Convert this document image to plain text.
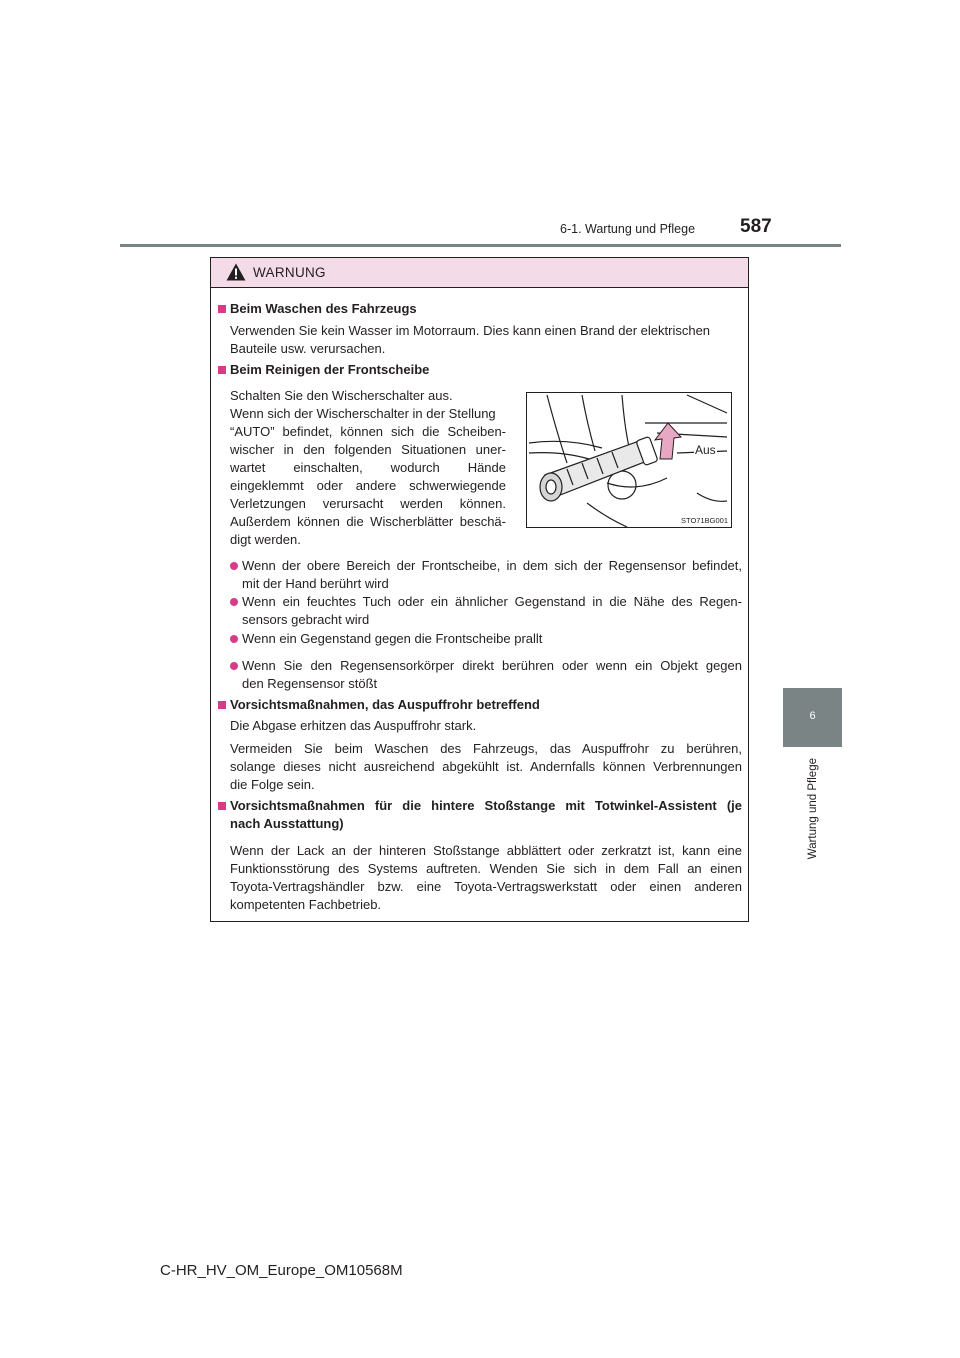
6-1. Wartung und Pflege 587
6
Wartung und Pflege
WARNUNG
Beim Waschen des Fahrzeugs
Verwenden Sie kein Wasser im Motorraum. Dies kann einen Brand der elektrischen
Bauteile usw. verursachen.
Beim Reinigen der Frontscheibe
Schalten Sie den Wischerschalter aus.
Wenn sich der Wischerschalter in der Stellung
“AUTO” befindet, können sich die Scheiben-
wischer in den folgenden Situationen uner-
wartet einschalten, wodurch Hände
eingeklemmt oder andere schwerwiegende
Verletzungen verursacht werden können.
Außerdem können die Wischerblätter beschä-
digt werden.
Aus
STO71BG001
Wenn der obere Bereich der Frontscheibe, in dem sich der Regensensor befindet,
mit der Hand berührt wird
Wenn ein feuchtes Tuch oder ein ähnlicher Gegenstand in die Nähe des Regen-
sensors gebracht wird
Wenn ein Gegenstand gegen die Frontscheibe prallt
Wenn Sie den Regensensorkörper direkt berühren oder wenn ein Objekt gegen
den Regensensor stößt
Vorsichtsmaßnahmen, das Auspuffrohr betreffend
Die Abgase erhitzen das Auspuffrohr stark.
Vermeiden Sie beim Waschen des Fahrzeugs, das Auspuffrohr zu berühren,
solange dieses nicht ausreichend abgekühlt ist. Andernfalls können Verbrennungen
die Folge sein.
Vorsichtsmaßnahmen für die hintere Stoßstange mit Totwinkel-Assistent (je
nach Ausstattung)
Wenn der Lack an der hinteren Stoßstange abblättert oder zerkratzt ist, kann eine
Funktionsstörung des Systems auftreten. Wenden Sie sich in dem Fall an einen
Toyota-Vertragshändler bzw. eine Toyota-Vertragswerkstatt oder einen anderen
kompetenten Fachbetrieb.
C-HR_HV_OM_Europe_OM10568M
